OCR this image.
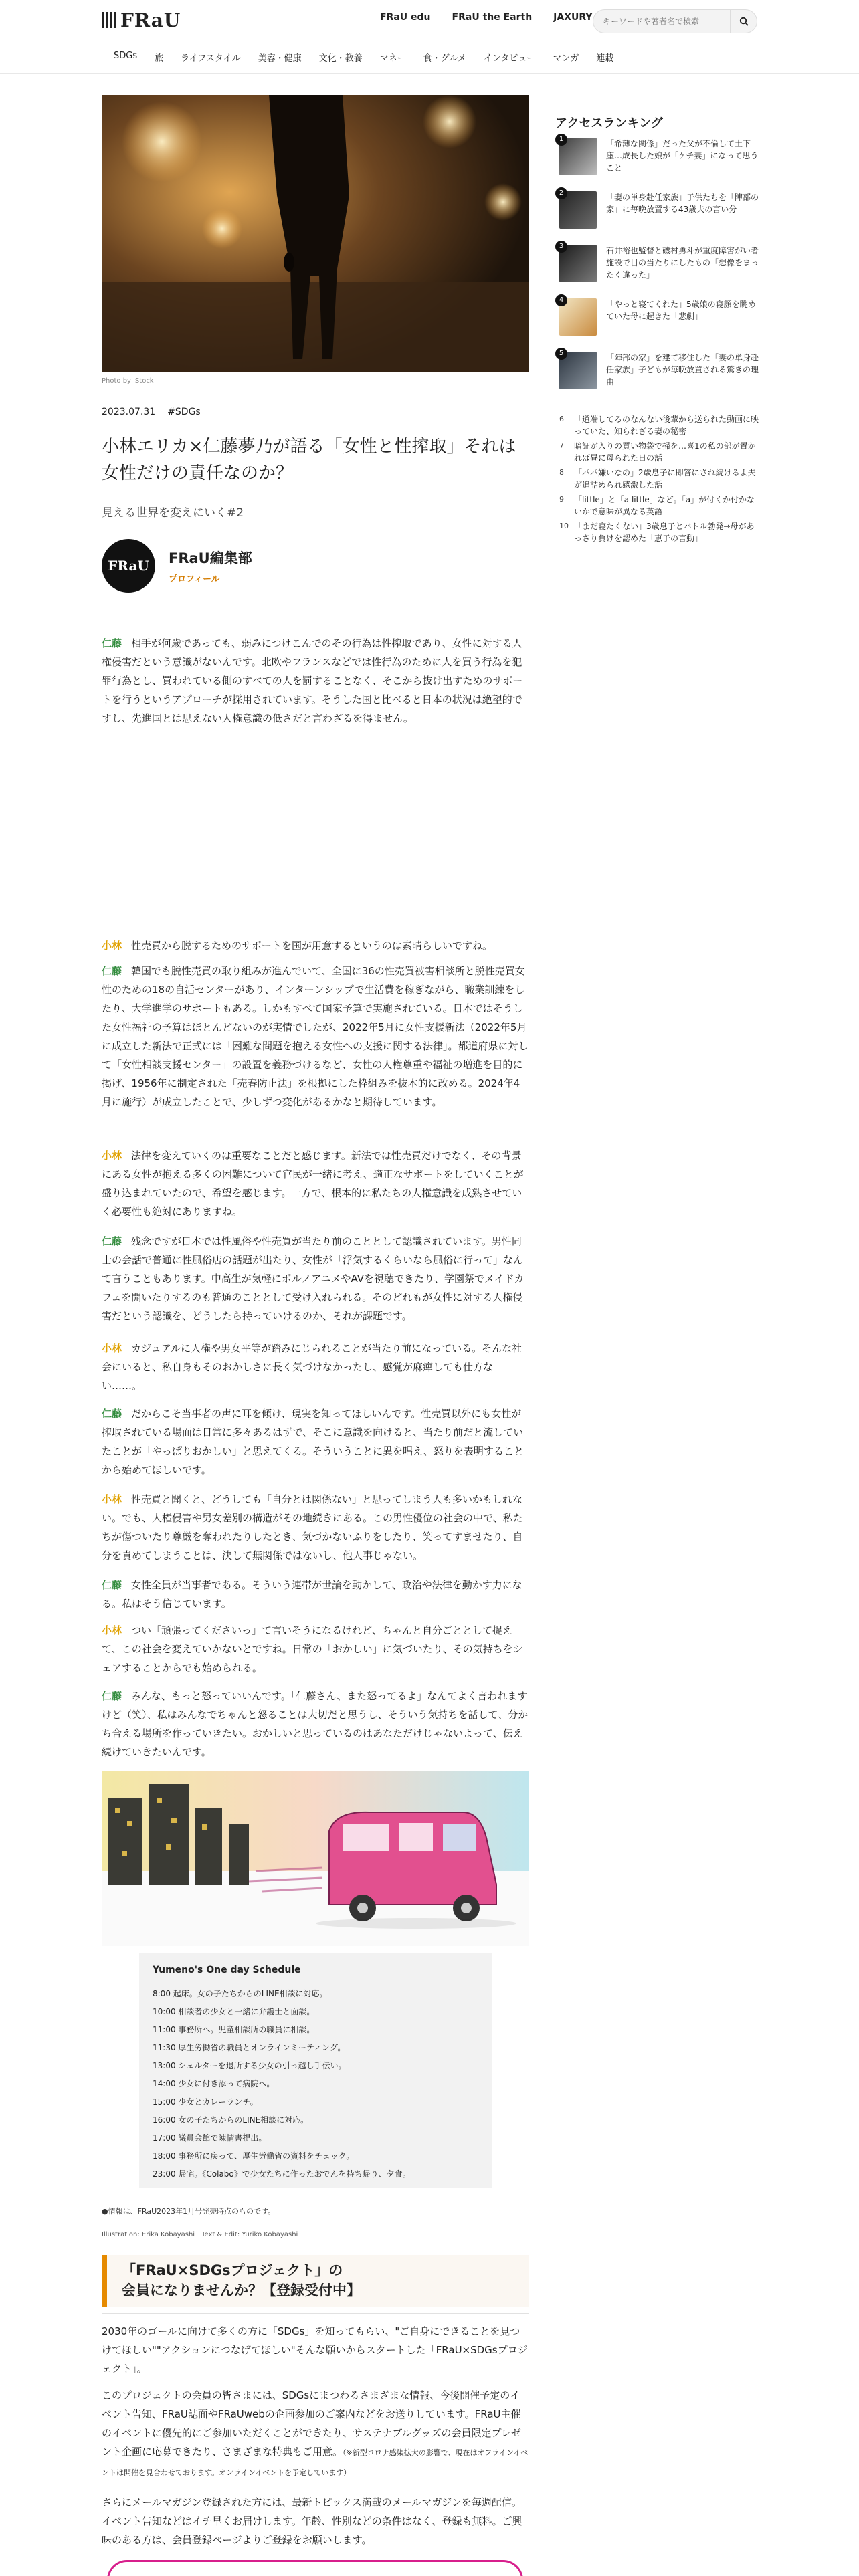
FRaU	FRaU edu FRaU the Earth JAXURY
キーワードや著者名で検索
SDGs 旅 ライフスタイル 美容・健康 文化・教養 マネー 食・グルメ インタビュー マンガ 連載
Photo by iStock
2023.07.31 #SDGs
小林エリカ×仁藤夢乃が語る「女性と性搾取」それは女性だけの責任なのか？
見える世界を変えにいく#2
FRaU	FRaU編集部
プロフィール

仁藤 相手が何歳であっても、弱みにつけこんでのその行為は性搾取であり、女性に対する人権侵害だという意識がないんです。北欧やフランスなどでは性行為のために人を買う行為を犯罪行為とし、買われている側のすべての人を罰することなく、そこから抜け出すためのサポートを行うというアプローチが採用されています。そうした国と比べると日本の状況は絶望的ですし、先進国とは思えない人権意識の低さだと言わざるを得ません。

小林 性売買から脱するためのサポートを国が用意するというのは素晴らしいですね。

仁藤 韓国でも脱性売買の取り組みが進んでいて、全国に36の性売買被害相談所と脱性売買女性のための18の自活センターがあり、インターンシップで生活費を稼ぎながら、職業訓練をしたり、大学進学のサポートもある。しかもすべて国家予算で実施されている。日本ではそうした女性福祉の予算はほとんどないのが実情でしたが、2022年5月に女性支援新法（2022年5月に成立した新法で正式には「困難な問題を抱える女性への支援に関する法律」。都道府県に対して「女性相談支援センター」の設置を義務づけるなど、女性の人権尊重や福祉の増進を目的に掲げ、1956年に制定された「売春防止法」を根拠にした枠組みを抜本的に改める。2024年4月に施行）が成立したことで、少しずつ変化があるかなと期待しています。

小林 法律を変えていくのは重要なことだと感じます。新法では性売買だけでなく、その背景にある女性が抱える多くの困難について官民が一緒に考え、適正なサポートをしていくことが盛り込まれていたので、希望を感じます。一方で、根本的に私たちの人権意識を成熟させていく必要性も絶対にありますね。

仁藤 残念ですが日本では性風俗や性売買が当たり前のこととして認識されています。男性同士の会話で普通に性風俗店の話題が出たり、女性が「浮気するくらいなら風俗に行って」なんて言うこともあります。中高生が気軽にポルノアニメやAVを視聴できたり、学園祭でメイドカフェを開いたりするのも普通のこととして受け入れられる。そのどれもが女性に対する人権侵害だという認識を、どうしたら持っていけるのか、それが課題です。

小林 カジュアルに人権や男女平等が踏みにじられることが当たり前になっている。そんな社会にいると、私自身もそのおかしさに長く気づけなかったし、感覚が麻痺しても仕方ない……。

仁藤 だからこそ当事者の声に耳を傾け、現実を知ってほしいんです。性売買以外にも女性が搾取されている場面は日常に多々あるはずで、そこに意識を向けると、当たり前だと流していたことが「やっぱりおかしい」と思えてくる。そういうことに異を唱え、怒りを表明することから始めてほしいです。

小林 性売買と聞くと、どうしても「自分とは関係ない」と思ってしまう人も多いかもしれない。でも、人権侵害や男女差別の構造がその地続きにある。この男性優位の社会の中で、私たちが傷ついたり尊厳を奪われたりしたとき、気づかないふりをしたり、笑ってすませたり、自分を責めてしまうことは、決して無関係ではないし、他人事じゃない。

仁藤 女性全員が当事者である。そういう連帯が世論を動かして、政治や法律を動かす力になる。私はそう信じています。

小林 つい「頑張ってくださいっ」て言いそうになるけれど、ちゃんと自分ごととして捉えて、この社会を変えていかないとですね。日常の「おかしい」に気づいたり、その気持ちをシェアすることからでも始められる。

仁藤 みんな、もっと怒っていいんです。「仁藤さん、また怒ってるよ」なんてよく言われますけど（笑）、私はみんなでちゃんと怒ることは大切だと思うし、そういう気持ちを話して、分かち合える場所を作っていきたい。おかしいと思っているのはあなただけじゃないよって、伝え続けていきたいんです。

Yumeno's One day Schedule
8:00 起床。女の子たちからのLINE相談に対応。
10:00 相談者の少女と一緒に弁護士と面談。
11:00 事務所へ。児童相談所の職員に相談。
11:30 厚生労働省の職員とオンラインミーティング。
13:00 シェルターを退所する少女の引っ越し手伝い。
14:00 少女に付き添って病院へ。
15:00 少女とカレーランチ。
16:00 女の子たちからのLINE相談に対応。
17:00 議員会館で陳情書提出。
18:00 事務所に戻って、厚生労働省の資料をチェック。
23:00 帰宅。《Colabo》で少女たちに作ったおでんを持ち帰り、夕食。
●情報は、FRaU2023年1月号発売時点のものです。
Illustration: Erika Kobayashi　Text & Edit: Yuriko Kobayashi
「FRaU×SDGsプロジェクト」の
会員になりませんか？【登録受付中】

2030年のゴールに向けて多くの方に「SDGs」を知ってもらい、"ご自身にできることを見つけてほしい""アクションにつなげてほしい"そんな願いからスタートした「FRaU×SDGsプロジェクト」。

このプロジェクトの会員の皆さまには、SDGsにまつわるさまざまな情報、今後開催予定のイベント告知、FRaU誌面やFRaUwebの企画参加のご案内などをお送りしています。FRaU主催のイベントに優先的にご参加いただくことができたり、サステナブルグッズの会員限定プレゼント企画に応募できたり、さまざまな特典もご用意。（※新型コロナ感染拡大の影響で、現在はオフラインイベントは開催を見合わせております。オンラインイベントを予定しています）

さらにメールマガジン登録された方には、最新トピックス満載のメールマガジンを毎週配信。イベント告知などはイチ早くお届けします。年齢、性別などの条件はなく、登録も無料。ご興味のある方は、会員登録ページよりご登録をお願いします。

アクセスランキング
1	「希薄な関係」だった父が不倫して土下座…成長した娘が「ケチ妻」になって思うこと
2	「妻の単身赴任家族」子供たちを「陣部の家」に毎晩放置する43歳夫の言い分
3	石井裕也監督と磯村勇斗が重度障害がい者施設で目の当たりにしたもの「想像をまったく違った」
4	「やっと寝てくれた」5歳娘の寝顔を眺めていた母に起きた「悲劇」
5	「陣部の家」を建て移住した「妻の単身赴任家族」子どもが毎晩放置される驚きの理由
6	「道端してるのなんない後輩から送られた動画に映っていた、知られざる妻の秘密
7	暗証が入りの買い物袋で掃を…喜1の私の部が置かれば昼に母られた日の話
8	「パパ嫌いなの」2歳息子に即答にされ続けるよ夫が追詰められ感激した話
9	「little」と「a little」など。「a」が付くか付かないかで意味が異なる英語
10 「まだ寝たくない」3歳息子とバトル勃発→母があっさり負けを認めた「恵子の言動」
